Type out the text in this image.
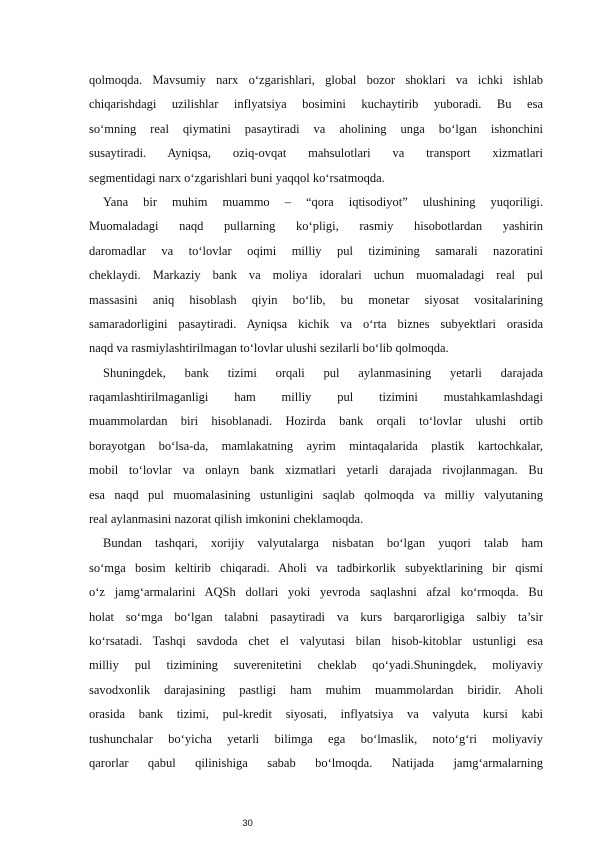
qolmoqda. Mavsumiy narx o‘zgarishlari, global bozor shoklari va ichki ishlab
chiqarishdagi uzilishlar inflyatsiya bosimini kuchaytirib yuboradi. Bu esa
so‘mning real qiymatini pasaytiradi va aholining unga bo‘lgan ishonchini
susaytiradi. Ayniqsa, oziq-ovqat mahsulotlari va transport xizmatlari
segmentidagi narx o‘zgarishlari buni yaqqol ko‘rsatmoqda.
Yana bir muhim muammo – “qora iqtisodiyot” ulushining yuqoriligi.
Muomaladagi naqd pullarning ko‘pligi, rasmiy hisobotlardan yashirin
daromadlar va to‘lovlar oqimi milliy pul tizimining samarali nazoratini
cheklaydi. Markaziy bank va moliya idoralari uchun muomaladagi real pul
massasini aniq hisoblash qiyin bo‘lib, bu monetar siyosat vositalarining
samaradorligini pasaytiradi. Ayniqsa kichik va o‘rta biznes subyektlari orasida
naqd va rasmiylashtirilmagan to‘lovlar ulushi sezilarli bo‘lib qolmoqda.
Shuningdek, bank tizimi orqali pul aylanmasining yetarli darajada
raqamlashtirilmaganligi ham milliy pul tizimini mustahkamlashdagi
muammolardan biri hisoblanadi. Hozirda bank orqali to‘lovlar ulushi ortib
borayotgan bo‘lsa-da, mamlakatning ayrim mintaqalarida plastik kartochkalar,
mobil to‘lovlar va onlayn bank xizmatlari yetarli darajada rivojlanmagan. Bu
esa naqd pul muomalasining ustunligini saqlab qolmoqda va milliy valyutaning
real aylanmasini nazorat qilish imkonini cheklamoqda.
Bundan tashqari, xorijiy valyutalarga nisbatan bo‘lgan yuqori talab ham
so‘mga bosim keltirib chiqaradi. Aholi va tadbirkorlik subyektlarining bir qismi
o‘z jamg‘armalarini AQSh dollari yoki yevroda saqlashni afzal ko‘rmoqda. Bu
holat so‘mga bo‘lgan talabni pasaytiradi va kurs barqarorligiga salbiy ta’sir
ko‘rsatadi. Tashqi savdoda chet el valyutasi bilan hisob-kitoblar ustunligi esa
milliy pul tizimining suverenitetini cheklab qo‘yadi.Shuningdek, moliyaviy
savodxonlik darajasining pastligi ham muhim muammolardan biridir. Aholi
orasida bank tizimi, pul-kredit siyosati, inflyatsiya va valyuta kursi kabi
tushunchalar bo‘yicha yetarli bilimga ega bo‘lmaslik, noto‘g‘ri moliyaviy
qarorlar qabul qilinishiga sabab bo‘lmoqda. Natijada jamg‘armalarning
30
